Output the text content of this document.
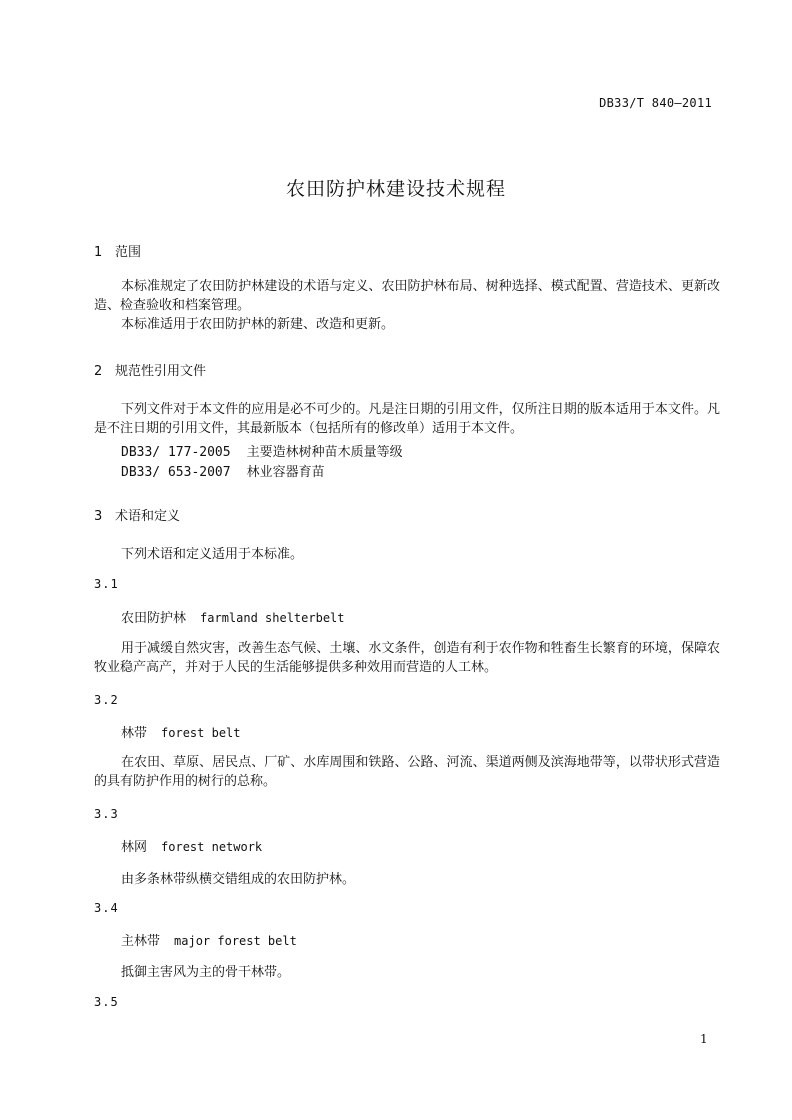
DB33/T 840—2011
农田防护林建设技术规程
1 范围
本标准规定了农田防护林建设的术语与定义、农田防护林布局、树种选择、模式配置、营造技术、更新改造、检查验收和档案管理。
本标准适用于农田防护林的新建、改造和更新。
2 规范性引用文件
下列文件对于本文件的应用是必不可少的。凡是注日期的引用文件，仅所注日期的版本适用于本文件。凡是不注日期的引用文件，其最新版本（包括所有的修改单）适用于本文件。
DB33/ 177-2005 主要造林树种苗木质量等级
DB33/ 653-2007 林业容器育苗
3 术语和定义
下列术语和定义适用于本标准。
3.1
农田防护林 farmland shelterbelt
用于减缓自然灾害，改善生态气候、土壤、水文条件，创造有利于农作物和牲畜生长繁育的环境，保障农牧业稳产高产，并对于人民的生活能够提供多种效用而营造的人工林。
3.2
林带 forest belt
在农田、草原、居民点、厂矿、水库周围和铁路、公路、河流、渠道两侧及滨海地带等，以带状形式营造的具有防护作用的树行的总称。
3.3
林网 forest network
由多条林带纵横交错组成的农田防护林。
3.4
主林带 major forest belt
抵御主害风为主的骨干林带。
3.5
1
